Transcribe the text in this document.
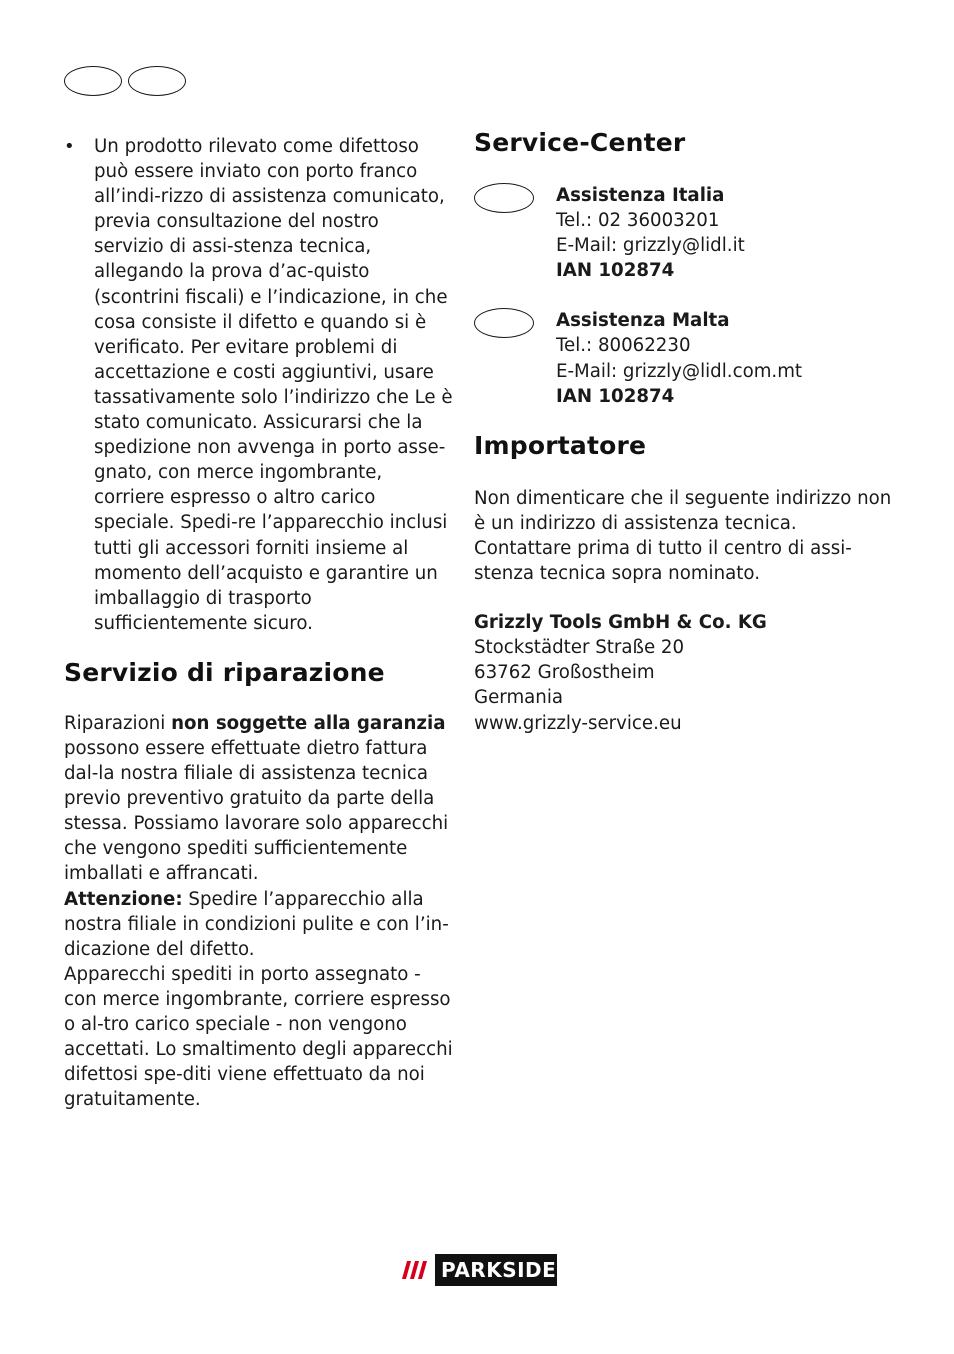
• Un prodotto rilevato come difettoso può essere inviato con porto franco all’indi-rizzo di assistenza comunicato, previa consultazione del nostro servizio di assi-stenza tecnica, allegando la prova d’ac-quisto (scontrini fiscali) e l’indicazione, in che cosa consiste il difetto e quando si è verificato. Per evitare problemi di accettazione e costi aggiuntivi, usare tassativamente solo l’indirizzo che Le è stato comunicato. Assicurarsi che la spedizione non avvenga in porto asse-gnato, con merce ingombrante, corriere espresso o altro carico speciale. Spedi-re l’apparecchio inclusi tutti gli accessori forniti insieme al momento dell’acquisto e garantire un imballaggio di trasporto sufficientemente sicuro.

Servizio di riparazione

Riparazioni non soggette alla garanzia possono essere effettuate dietro fattura dal-la nostra filiale di assistenza tecnica previo preventivo gratuito da parte della stessa. Possiamo lavorare solo apparecchi che vengono spediti sufficientemente imballati e affrancati.

Attenzione: Spedire l’apparecchio alla nostra filiale in condizioni pulite e con l’in-dicazione del difetto.

Apparecchi spediti in porto assegnato - con merce ingombrante, corriere espresso o al-tro carico speciale - non vengono accettati. Lo smaltimento degli apparecchi difettosi spe-diti viene effettuato da noi gratuitamente.

Service-Center

Assistenza Italia

Tel.: 02 36003201

E-Mail: grizzly@lidl.it

IAN 102874

Assistenza Malta

Tel.: 80062230

E-Mail: grizzly@lidl.com.mt

IAN 102874

Importatore

Non dimenticare che il seguente indirizzo non è un indirizzo di assistenza tecnica. Contattare prima di tutto il centro di assi-stenza tecnica sopra nominato.

Grizzly Tools GmbH & Co. KG

Stockstädter Straße 20

63762 Großostheim

Germania

www.grizzly-service.eu

PARKSIDE
